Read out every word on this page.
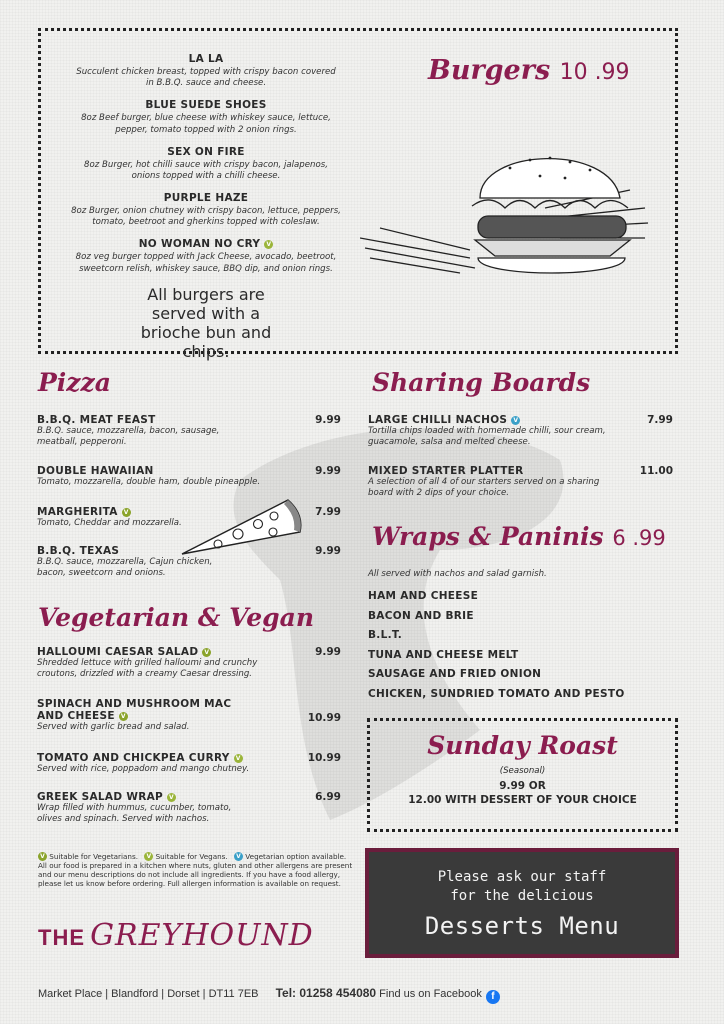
LA LA
Succulent chicken breast, topped with crispy bacon covered in B.B.Q. sauce and cheese.
BLUE SUEDE SHOES
8oz Beef burger, blue cheese with whiskey sauce, lettuce, pepper, tomato topped with 2 onion rings.
SEX ON FIRE
8oz Burger, hot chilli sauce with crispy bacon, jalapenos, onions topped with a chilli cheese.
PURPLE HAZE
8oz Burger, onion chutney with crispy bacon, lettuce, peppers, tomato, beetroot and gherkins topped with coleslaw.
NO WOMAN NO CRY V
8oz veg burger topped with Jack Cheese, avocado, beetroot, sweetcorn relish, whiskey sauce, BBQ dip, and onion rings.
All burgers are served with a brioche bun and chips.
Burgers 10 .99
Pizza
B.B.Q. MEAT FEAST
B.B.Q. sauce, mozzarella, bacon, sausage, meatball, pepperoni.
9.99
DOUBLE HAWAIIAN
Tomato, mozzarella, double ham, double pineapple.
9.99
MARGHERITA V
Tomato, Cheddar and mozzarella.
7.99
B.B.Q. TEXAS
B.B.Q. sauce, mozzarella, Cajun chicken, bacon, sweetcorn and onions.
9.99
Vegetarian & Vegan
HALLOUMI CAESAR SALAD V
Shredded lettuce with grilled halloumi and crunchy croutons, drizzled with a creamy Caesar dressing.
9.99
SPINACH AND MUSHROOM MAC
AND CHEESE V
Served with garlic bread and salad.
10.99
TOMATO AND CHICKPEA CURRY V
Served with rice, poppadom and mango chutney.
10.99
GREEK SALAD WRAP V
Wrap filled with hummus, cucumber, tomato, olives and spinach. Served with nachos.
6.99
Sharing Boards
LARGE CHILLI NACHOS V
Tortilla chips loaded with homemade chilli, sour cream, guacamole, salsa and melted cheese.
7.99
MIXED STARTER PLATTER
A selection of all 4 of our starters served on a sharing board with 2 dips of your choice.
11.00
Wraps & Paninis 6 .99
All served with nachos and salad garnish.
HAM AND CHEESE
BACON AND BRIE
B.L.T.
TUNA AND CHEESE MELT
SAUSAGE AND FRIED ONION
CHICKEN, SUNDRIED TOMATO AND PESTO
Sunday Roast
(Seasonal)
9.99 OR
12.00 WITH DESSERT OF YOUR CHOICE
Please ask our staff
for the delicious
Desserts Menu
V Suitable for Vegetarians. V Suitable for Vegans. V Vegetarian option available.
All our food is prepared in a kitchen where nuts, gluten and other allergens are present and our menu descriptions do not include all ingredients. If you have a food allergy, please let us know before ordering. Full allergen information is available on request.
THE GREYHOUND
Market Place | Blandford | Dorset | DT11 7EB Tel: 01258 454080 Find us on Facebook f
